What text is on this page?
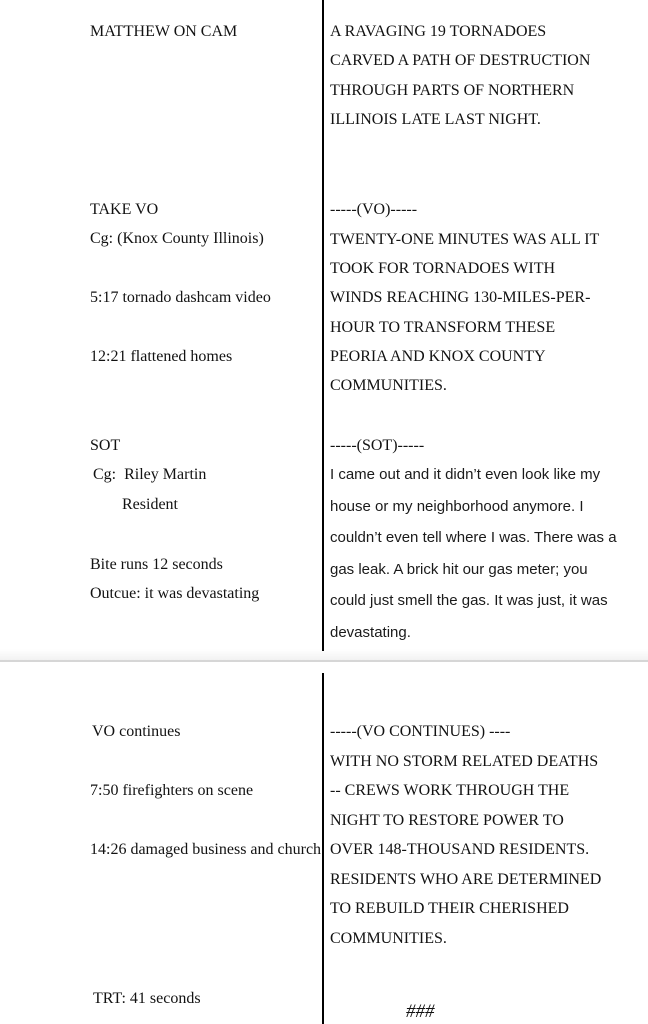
MATTHEW ON CAM
TAKE VO
Cg: (Knox County Illinois)
5:17 tornado dashcam video
12:21 flattened homes
SOT
Cg:  Riley Martin
Resident
Bite runs 12 seconds
Outcue: it was devastating
A RAVAGING 19 TORNADOES
CARVED A PATH OF DESTRUCTION
THROUGH PARTS OF NORTHERN
ILLINOIS LATE LAST NIGHT.
-----(VO)-----
TWENTY-ONE MINUTES WAS ALL IT
TOOK FOR TORNADOES WITH
WINDS REACHING 130-MILES-PER-
HOUR TO TRANSFORM THESE
PEORIA AND KNOX COUNTY
COMMUNITIES.
-----(SOT)-----
I came out and it didn’t even look like my
house or my neighborhood anymore. I
couldn’t even tell where I was. There was a
gas leak. A brick hit our gas meter; you
could just smell the gas. It was just, it was
devastating.
VO continues
7:50 firefighters on scene
14:26 damaged business and church
TRT: 41 seconds
-----(VO CONTINUES) ----
WITH NO STORM RELATED DEATHS
-- CREWS WORK THROUGH THE
NIGHT TO RESTORE POWER TO
OVER 148-THOUSAND RESIDENTS.
RESIDENTS WHO ARE DETERMINED
TO REBUILD THEIR CHERISHED
COMMUNITIES.
###
